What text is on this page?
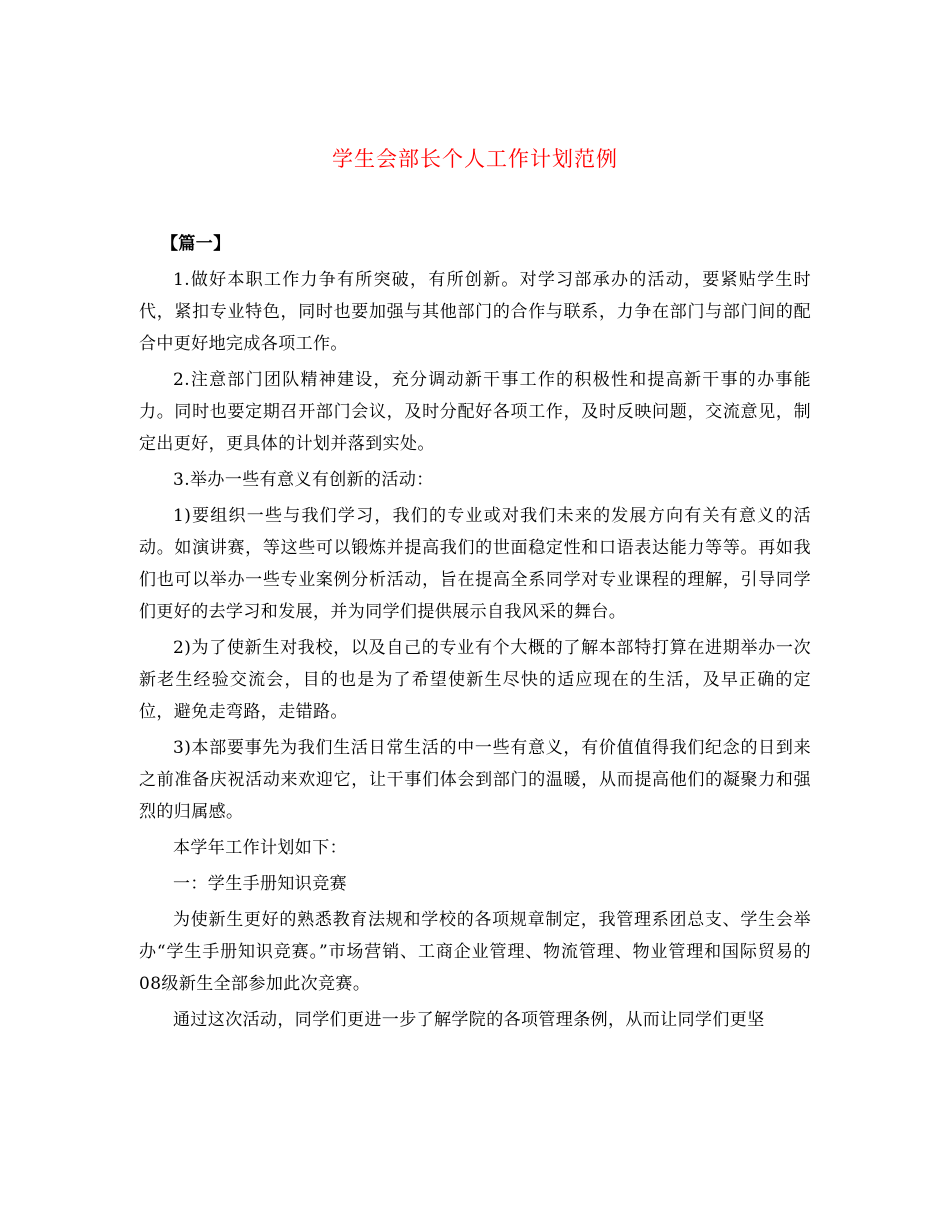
学生会部长个人工作计划范例

【篇一】

1.做好本职工作力争有所突破，有所创新。对学习部承办的活动，要紧贴学生时代，紧扣专业特色，同时也要加强与其他部门的合作与联系，力争在部门与部门间的配合中更好地完成各项工作。

2.注意部门团队精神建设，充分调动新干事工作的积极性和提高新干事的办事能力。同时也要定期召开部门会议，及时分配好各项工作，及时反映问题，交流意见，制定出更好，更具体的计划并落到实处。

3.举办一些有意义有创新的活动：

1)要组织一些与我们学习，我们的专业或对我们未来的发展方向有关有意义的活动。如演讲赛，等这些可以锻炼并提高我们的世面稳定性和口语表达能力等等。再如我们也可以举办一些专业案例分析活动，旨在提高全系同学对专业课程的理解，引导同学们更好的去学习和发展，并为同学们提供展示自我风采的舞台。

2)为了使新生对我校，以及自己的专业有个大概的了解本部特打算在进期举办一次新老生经验交流会，目的也是为了希望使新生尽快的适应现在的生活，及早正确的定位，避免走弯路，走错路。

3)本部要事先为我们生活日常生活的中一些有意义，有价值值得我们纪念的日到来之前准备庆祝活动来欢迎它，让干事们体会到部门的温暖，从而提高他们的凝聚力和强烈的归属感。

本学年工作计划如下：

一：学生手册知识竞赛

为使新生更好的熟悉教育法规和学校的各项规章制定，我管理系团总支、学生会举办“学生手册知识竞赛。”市场营销、工商企业管理、物流管理、物业管理和国际贸易的08级新生全部参加此次竞赛。

通过这次活动，同学们更进一步了解学院的各项管理条例，从而让同学们更坚
